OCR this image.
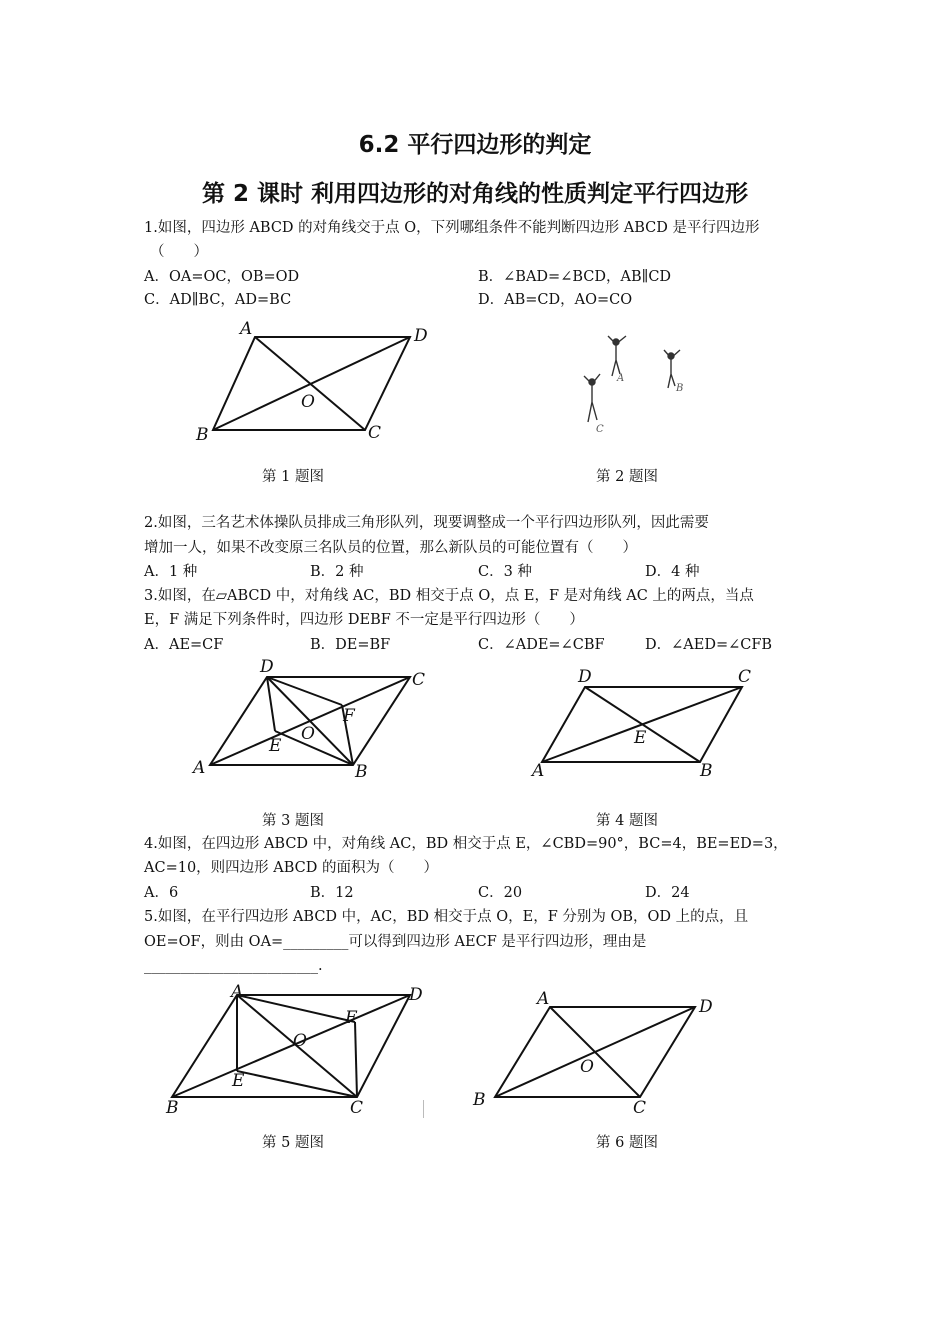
6.2 平行四边形的判定
第 2 课时 利用四边形的对角线的性质判定平行四边形
1.如图，四边形 ABCD 的对角线交于点 O，下列哪组条件不能判断四边形 ABCD 是平行四边形
（　　）
A．OA=OC，OB=OD	B．∠BAD=∠BCD，AB∥CD
C．AD∥BC，AD=BC	D．AB=CD，AO=CO
A	D
B	C
O
第 1 题图
A
B
C
第 2 题图
2.如图，三名艺术体操队员排成三角形队列，现要调整成一个平行四边形队列，因此需要
增加一人，如果不改变原三名队员的位置，那么新队员的可能位置有（　　）
A．1 种	B．2 种	C．3 种	D．4 种
3.如图，在▱ABCD 中，对角线 AC，BD 相交于点 O，点 E，F 是对角线 AC 上的两点，当点
E，F 满足下列条件时，四边形 DEBF 不一定是平行四边形（　　）
A．AE=CF	B．DE=BF	C．∠ADE=∠CBF	D．∠AED=∠CFB
D
C
A	B
E
F
O
第 3 题图
D	C
A	B
E
第 4 题图
4.如图，在四边形 ABCD 中，对角线 AC，BD 相交于点 E，∠CBD=90°，BC=4，BE=ED=3，
AC=10，则四边形 ABCD 的面积为（　　）
A．6	B．12	C．20	D．24
5.如图，在平行四边形 ABCD 中，AC，BD 相交于点 O，E，F 分别为 OB，OD 上的点，且
OE=OF，则由 OA=_________可以得到四边形 AECF 是平行四边形，理由是
________________________.
A	D
B	C
E
F
O
第 5 题图
A	D
B	C
O
第 6 题图
